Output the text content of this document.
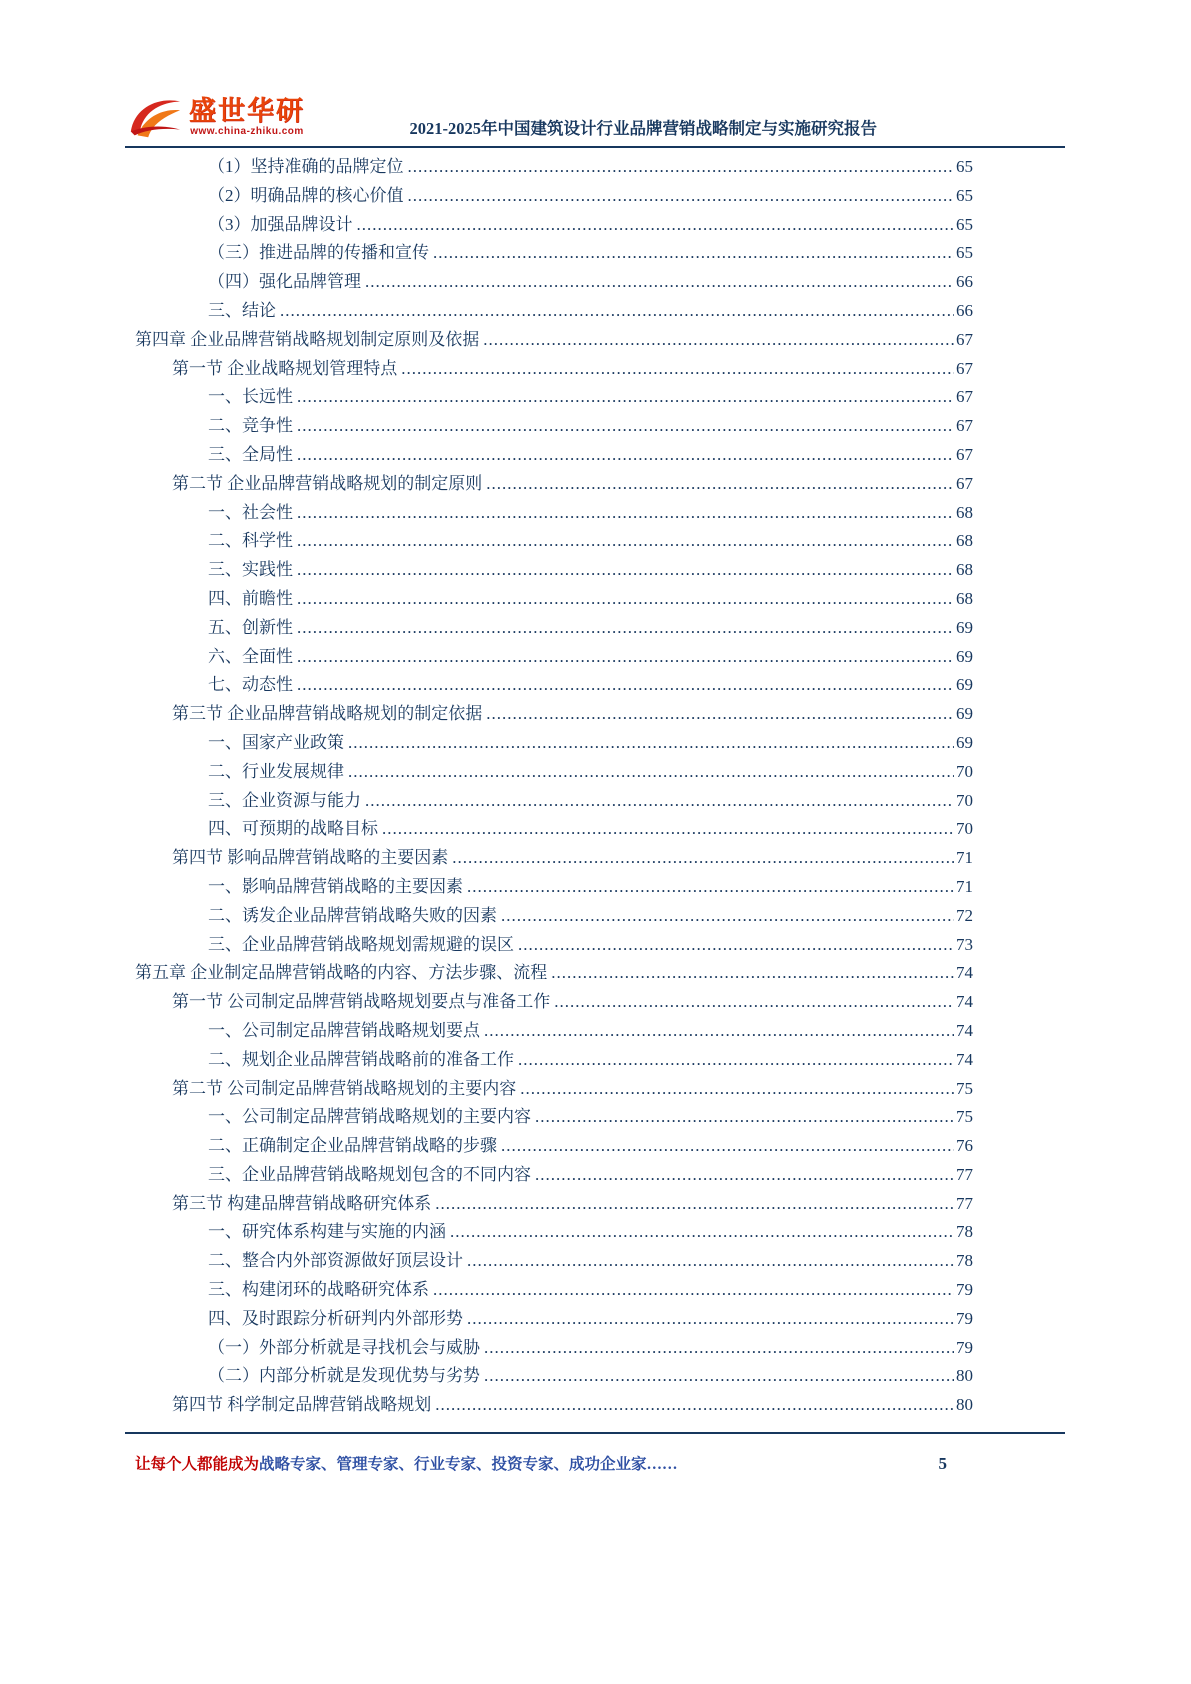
盛世华研
www.china-zhiku.com	2021-2025年中国建筑设计行业品牌营销战略制定与实施研究报告
（1）坚持准确的品牌定位 .....	65
（2）明确品牌的核心价值 .....	65
（3）加强品牌设计 .....	65
（三）推进品牌的传播和宣传 .....	65
（四）强化品牌管理 .....	66
三、结论 .....	66
第四章 企业品牌营销战略规划制定原则及依据 .....	67
第一节 企业战略规划管理特点 .....	67
一、长远性 .....	67
二、竞争性 .....	67
三、全局性 .....	67
第二节 企业品牌营销战略规划的制定原则 .....	67
一、社会性 .....	68
二、科学性 .....	68
三、实践性 .....	68
四、前瞻性 .....	68
五、创新性 .....	69
六、全面性 .....	69
七、动态性 .....	69
第三节 企业品牌营销战略规划的制定依据 .....	69
一、国家产业政策 .....	69
二、行业发展规律 .....	70
三、企业资源与能力 .....	70
四、可预期的战略目标 .....	70
第四节 影响品牌营销战略的主要因素 .....	71
一、影响品牌营销战略的主要因素 .....	71
二、诱发企业品牌营销战略失败的因素 .....	72
三、企业品牌营销战略规划需规避的误区 .....	73
第五章 企业制定品牌营销战略的内容、方法步骤、流程 .....	74
第一节 公司制定品牌营销战略规划要点与准备工作 .....	74
一、公司制定品牌营销战略规划要点 .....	74
二、规划企业品牌营销战略前的准备工作 .....	74
第二节 公司制定品牌营销战略规划的主要内容 .....	75
一、公司制定品牌营销战略规划的主要内容 .....	75
二、正确制定企业品牌营销战略的步骤 .....	76
三、企业品牌营销战略规划包含的不同内容 .....	77
第三节 构建品牌营销战略研究体系 .....	77
一、研究体系构建与实施的内涵 .....	78
二、整合内外部资源做好顶层设计 .....	78
三、构建闭环的战略研究体系 .....	79
四、及时跟踪分析研判内外部形势 .....	79
（一）外部分析就是寻找机会与威胁 .....	79
（二）内部分析就是发现优势与劣势 .....	80
第四节 科学制定品牌营销战略规划 .....	80
让每个人都能成为战略专家、管理专家、行业专家、投资专家、成功企业家……	5
